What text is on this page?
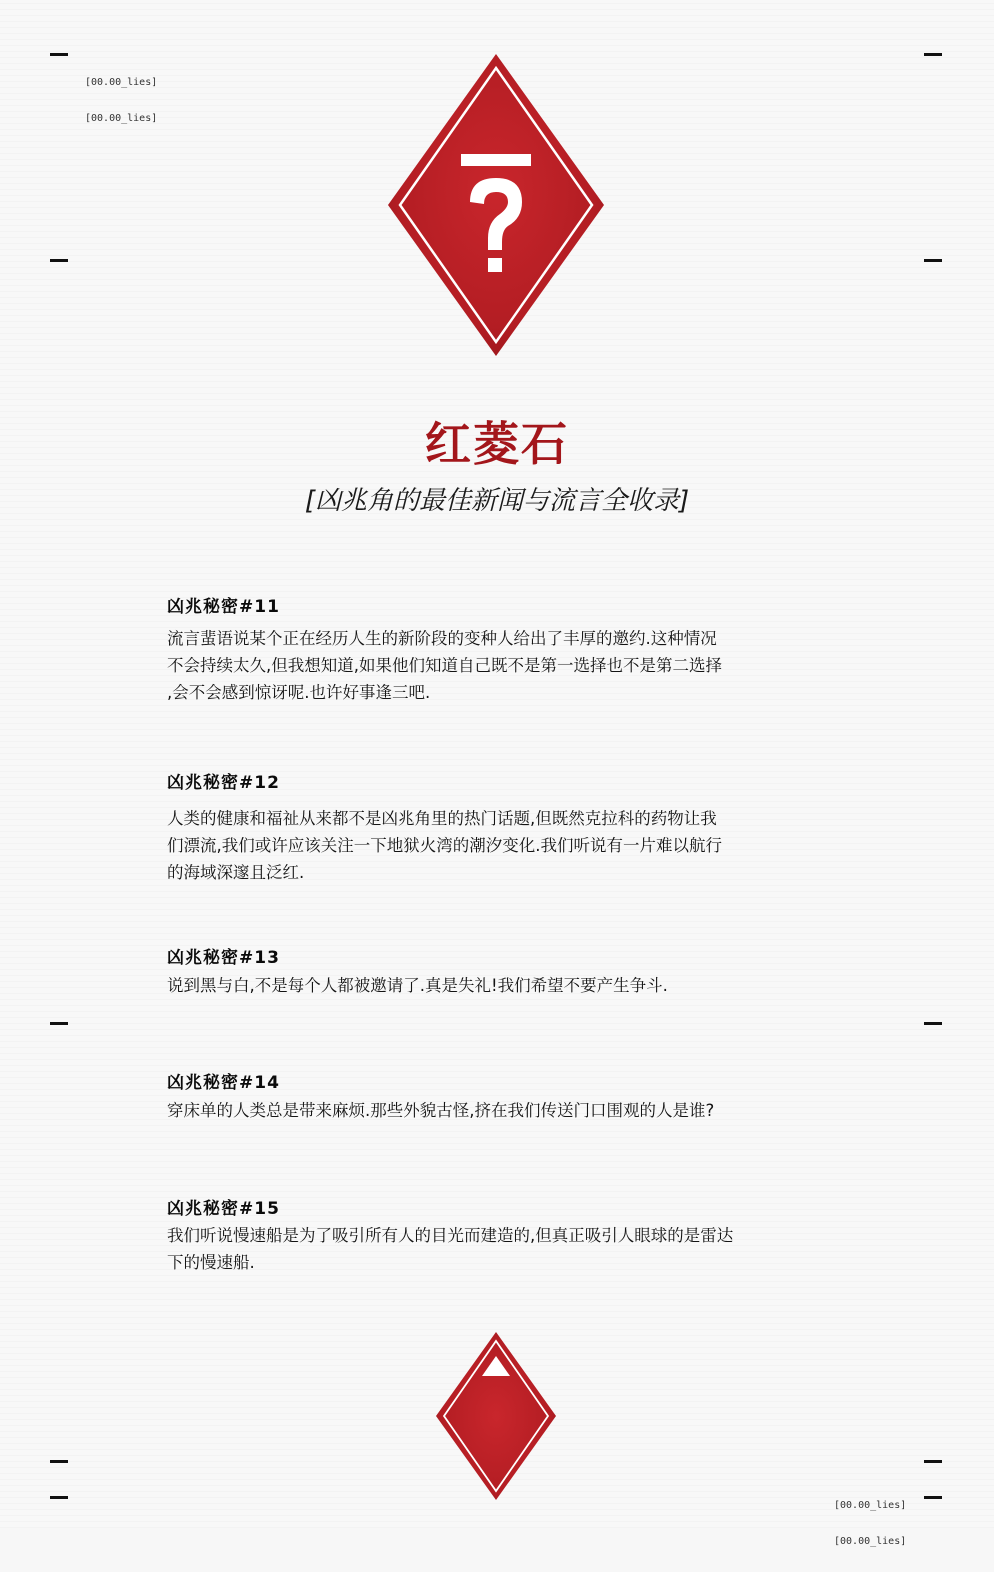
[00.00_lies]

[00.00_lies]

[00.00_lies]

[00.00_lies]

红菱石
[凶兆角的最佳新闻与流言全收录]
凶兆秘密#11

流言蜚语说某个正在经历人生的新阶段的变种人给出了丰厚的邀约.这种情况
不会持续太久,但我想知道,如果他们知道自己既不是第一选择也不是第二选择
,会不会感到惊讶呢.也许好事逢三吧.

凶兆秘密#12

人类的健康和福祉从来都不是凶兆角里的热门话题,但既然克拉科的药物让我
们漂流,我们或许应该关注一下地狱火湾的潮汐变化.我们听说有一片难以航行
的海域深邃且泛红.

凶兆秘密#13

说到黑与白,不是每个人都被邀请了.真是失礼!我们希望不要产生争斗.

凶兆秘密#14

穿床单的人类总是带来麻烦.那些外貌古怪,挤在我们传送门口围观的人是谁?

凶兆秘密#15

我们听说慢速船是为了吸引所有人的目光而建造的,但真正吸引人眼球的是雷达
下的慢速船.
